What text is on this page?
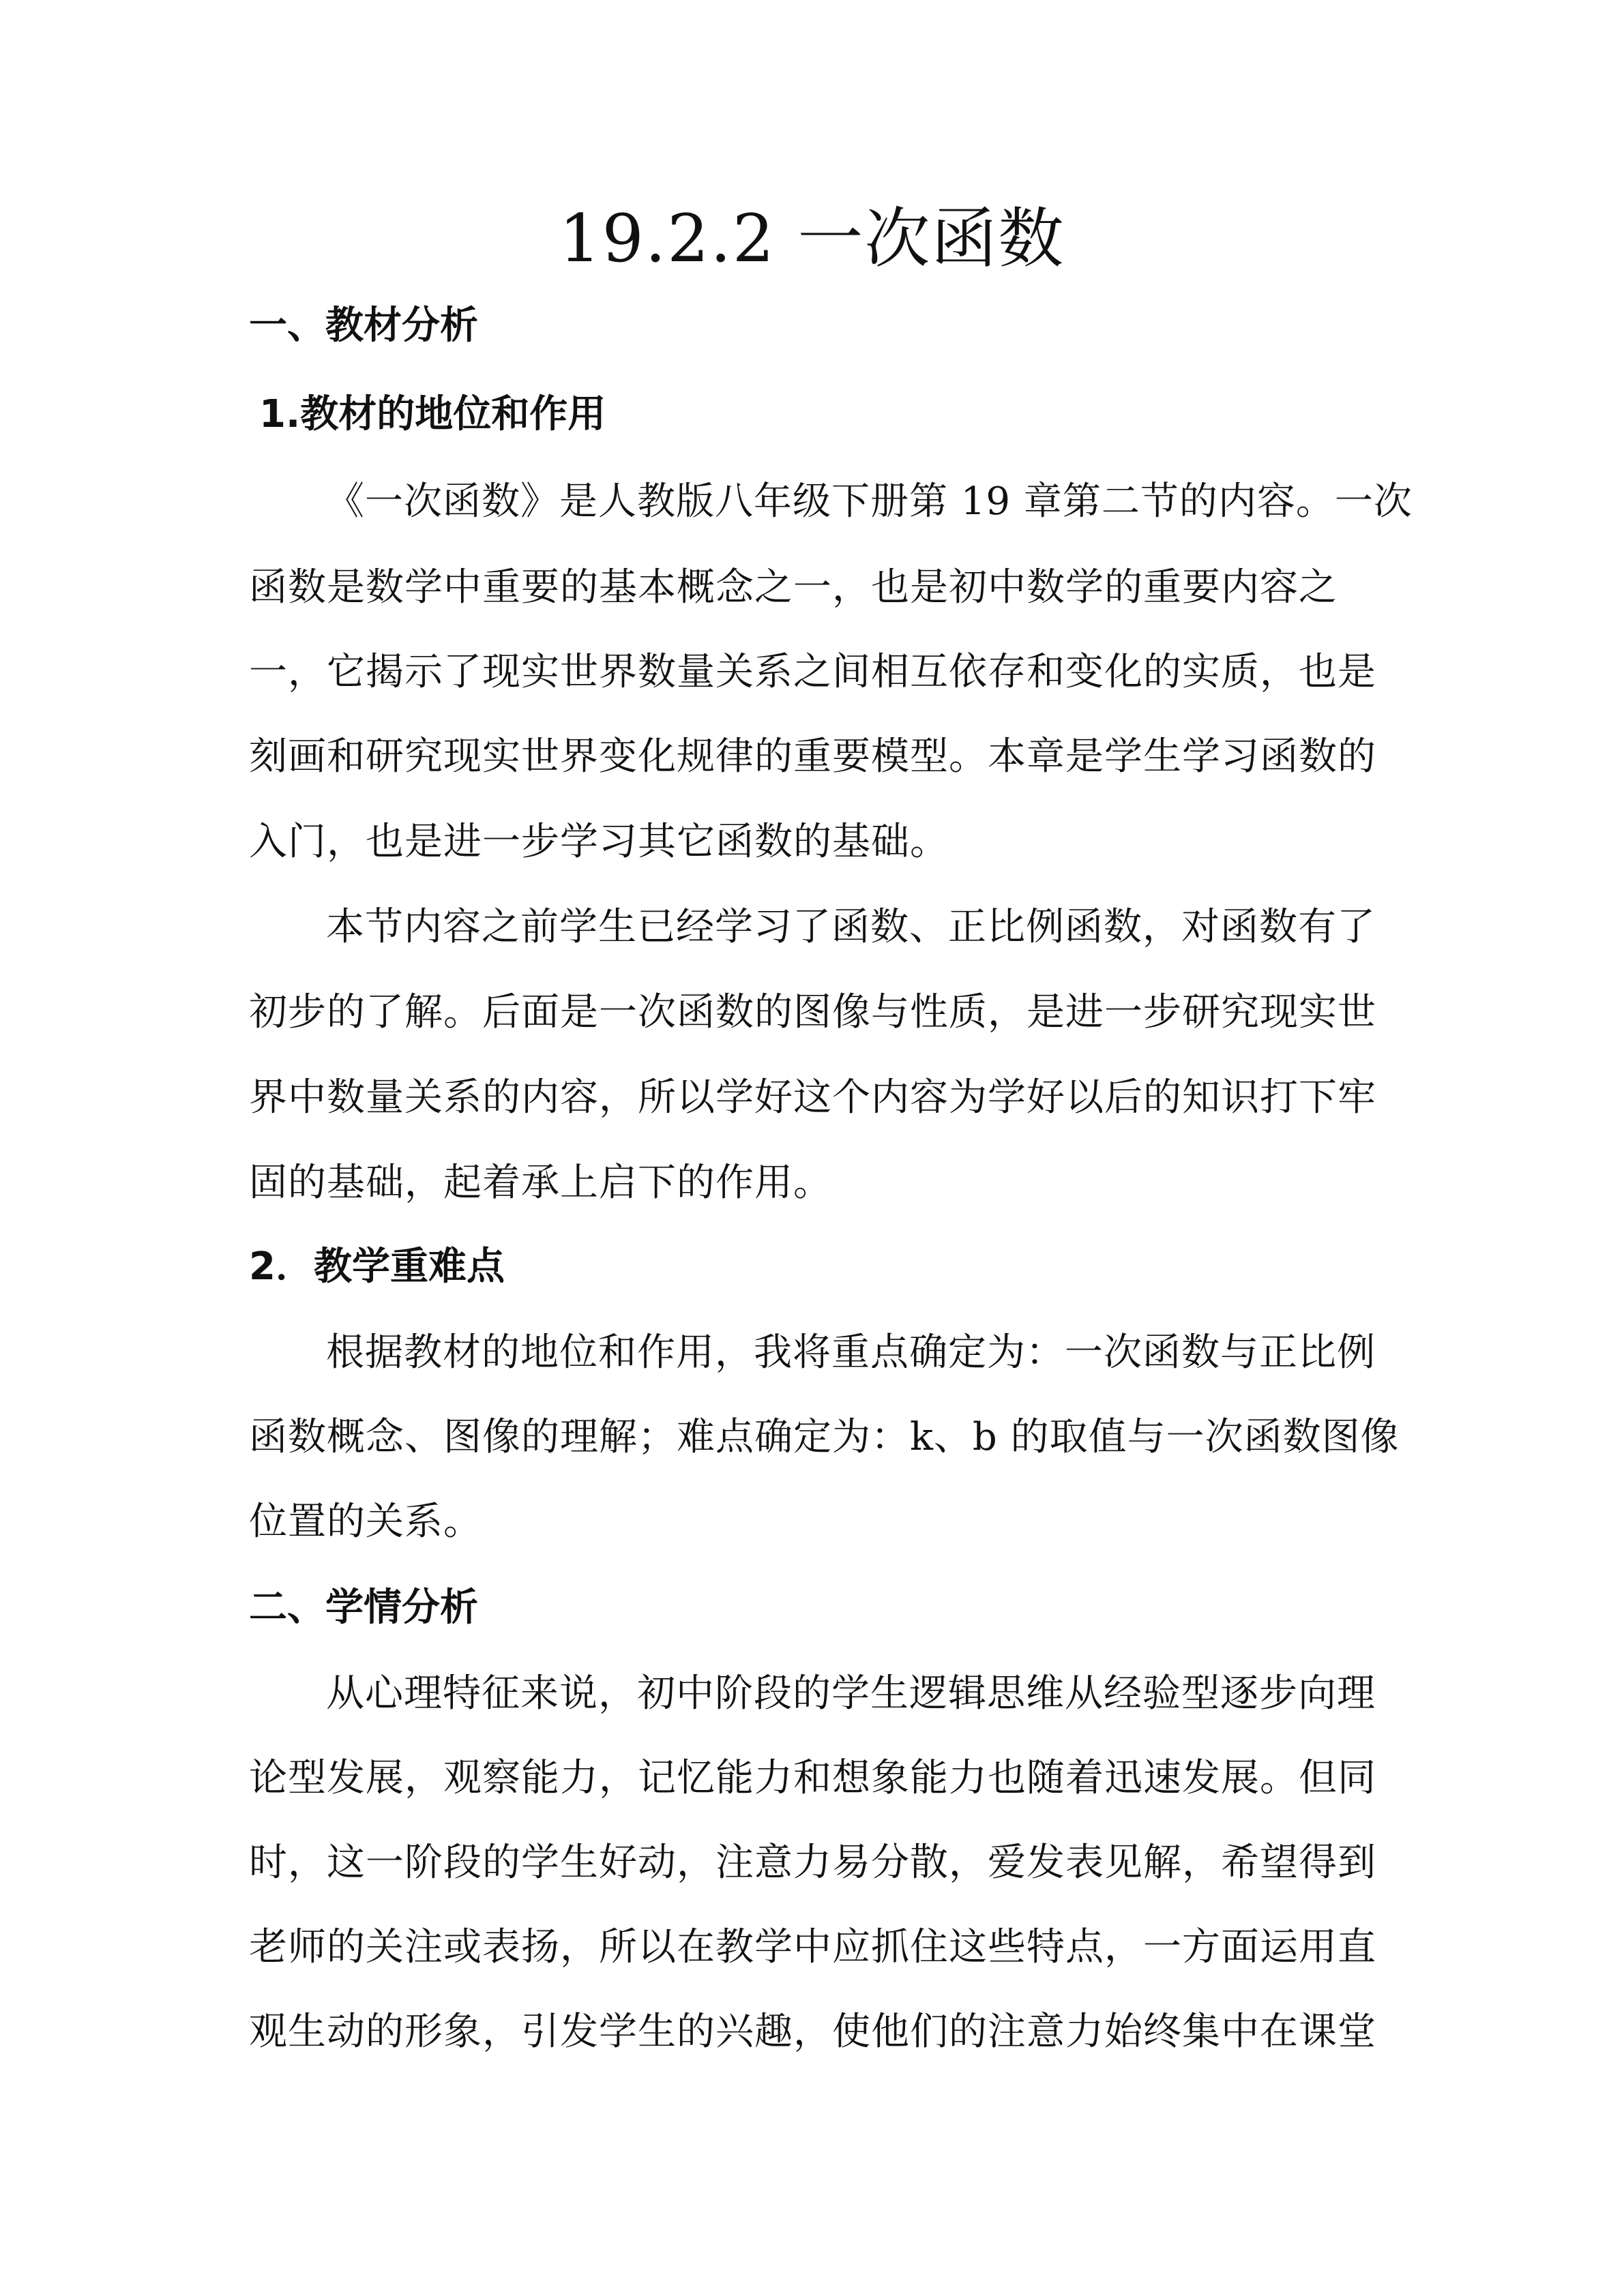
19.2.2 一次函数
一、教材分析
1.教材的地位和作用
《一次函数》是人教版八年级下册第 19 章第二节的内容。一次
函数是数学中重要的基本概念之一，也是初中数学的重要内容之
一，它揭示了现实世界数量关系之间相互依存和变化的实质，也是
刻画和研究现实世界变化规律的重要模型。本章是学生学习函数的
入门，也是进一步学习其它函数的基础。
本节内容之前学生已经学习了函数、正比例函数，对函数有了
初步的了解。后面是一次函数的图像与性质，是进一步研究现实世
界中数量关系的内容，所以学好这个内容为学好以后的知识打下牢
固的基础，起着承上启下的作用。
2．教学重难点
根据教材的地位和作用，我将重点确定为：一次函数与正比例
函数概念、图像的理解；难点确定为：k、b 的取值与一次函数图像
位置的关系。
二、学情分析
从心理特征来说，初中阶段的学生逻辑思维从经验型逐步向理
论型发展，观察能力，记忆能力和想象能力也随着迅速发展。但同
时，这一阶段的学生好动，注意力易分散，爱发表见解，希望得到
老师的关注或表扬，所以在教学中应抓住这些特点，一方面运用直
观生动的形象，引发学生的兴趣，使他们的注意力始终集中在课堂
